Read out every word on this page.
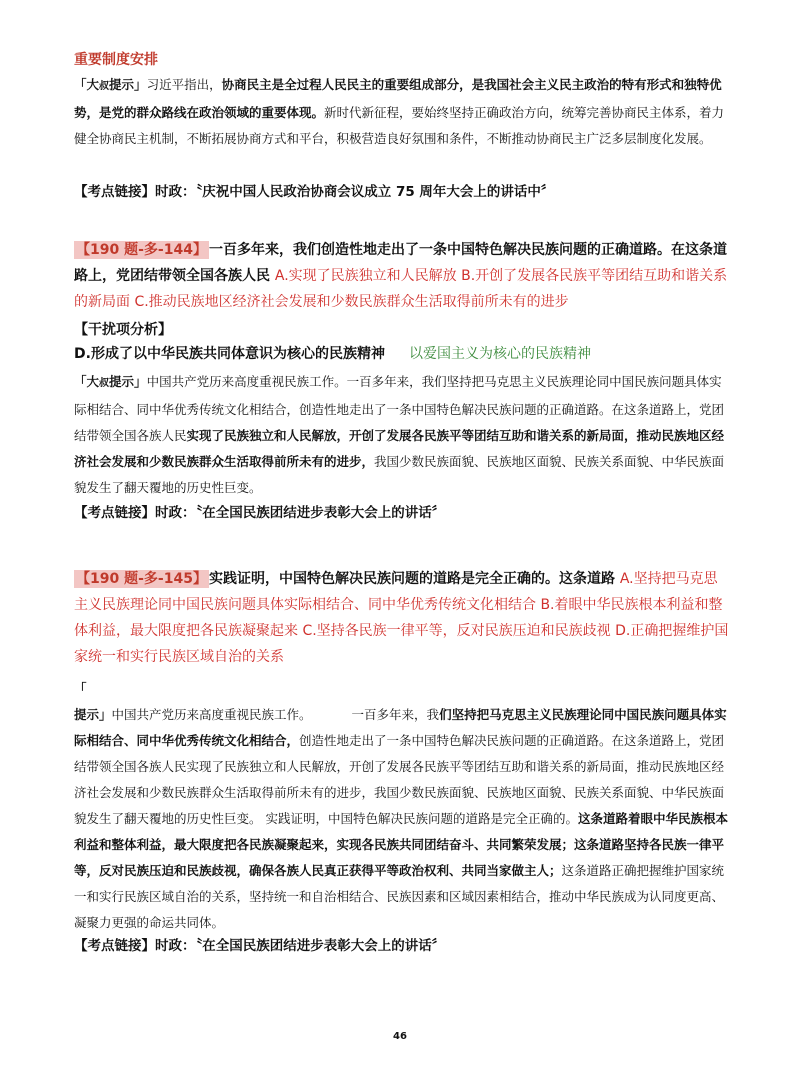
重要制度安排

「大叔提示」习近平指出，协商民主是全过程人民民主的重要组成部分，是我国社会主义民主政治的特有形式和独特优势，是党的群众路线在政治领域的重要体现。新时代新征程，要始终坚持正确政治方向，统筹完善协商民主体系，着力健全协商民主机制，不断拓展协商方式和平台，积极营造良好氛围和条件，不断推动协商民主广泛多层制度化发展。

【考点链接】时政：〝庆祝中国人民政治协商会议成立 75 周年大会上的讲话中〞
【190 题-多-144】 一百多年来，我们创造性地走出了一条中国特色解决民族问题的正确道路。在这条道路上，党团结带领全国各族人民 A.实现了民族独立和人民解放 B.开创了发展各民族平等团结互助和谐关系的新局面 C.推动民族地区经济社会发展和少数民族群众生活取得前所未有的进步
【干扰项分析】
D.形成了以中华民族共同体意识为核心的民族精神 以爱国主义为核心的民族精神

「大叔提示」中国共产党历来高度重视民族工作。一百多年来，我们坚持把马克思主义民族理论同中国民族问题具体实际相结合、同中华优秀传统文化相结合，创造性地走出了一条中国特色解决民族问题的正确道路。在这条道路上，党团结带领全国各族人民实现了民族独立和人民解放，开创了发展各民族平等团结互助和谐关系的新局面，推动民族地区经济社会发展和少数民族群众生活取得前所未有的进步，我国少数民族面貌、民族地区面貌、民族关系面貌、中华民族面貌发生了翻天覆地的历史性巨变。

【考点链接】时政：〝在全国民族团结进步表彰大会上的讲话〞
【190 题-多-145】 实践证明，中国特色解决民族问题的道路是完全正确的。这条道路 A.坚持把马克思主义民族理论同中国民族问题具体实际相结合、同中华优秀传统文化相结合 B.着眼中华民族根本利益和整体利益，最大限度把各民族凝聚起来 C.坚持各民族一律平等，反对民族压迫和民族歧视 D.正确把握维护国家统一和实行民族区域自治的关系

「
提示」中国共产党历来高度重视民族工作。	一百多年来，我们坚持把马克思主义民族理论同中国民族问题具体实际相结合、同中华优秀传统文化相结合，创造性地走出了一条中国特色解决民族问题的正确道路。在这条道路上，党团结带领全国各族人民实现了民族独立和人民解放，开创了发展各民族平等团结互助和谐关系的新局面，推动民族地区经济社会发展和少数民族群众生活取得前所未有的进步，我国少数民族面貌、民族地区面貌、民族关系面貌、中华民族面貌发生了翻天覆地的历史性巨变。 实践证明，中国特色解决民族问题的道路是完全正确的。这条道路着眼中华民族根本利益和整体利益，最大限度把各民族凝聚起来，实现各民族共同团结奋斗、共同繁荣发展；这条道路坚持各民族一律平等，反对民族压迫和民族歧视，确保各族人民真正获得平等政治权利、共同当家做主人；这条道路正确把握维护国家统一和实行民族区域自治的关系，坚持统一和自治相结合、民族因素和区域因素相结合，推动中华民族成为认同度更高、凝聚力更强的命运共同体。

【考点链接】时政：〝在全国民族团结进步表彰大会上的讲话〞
46
